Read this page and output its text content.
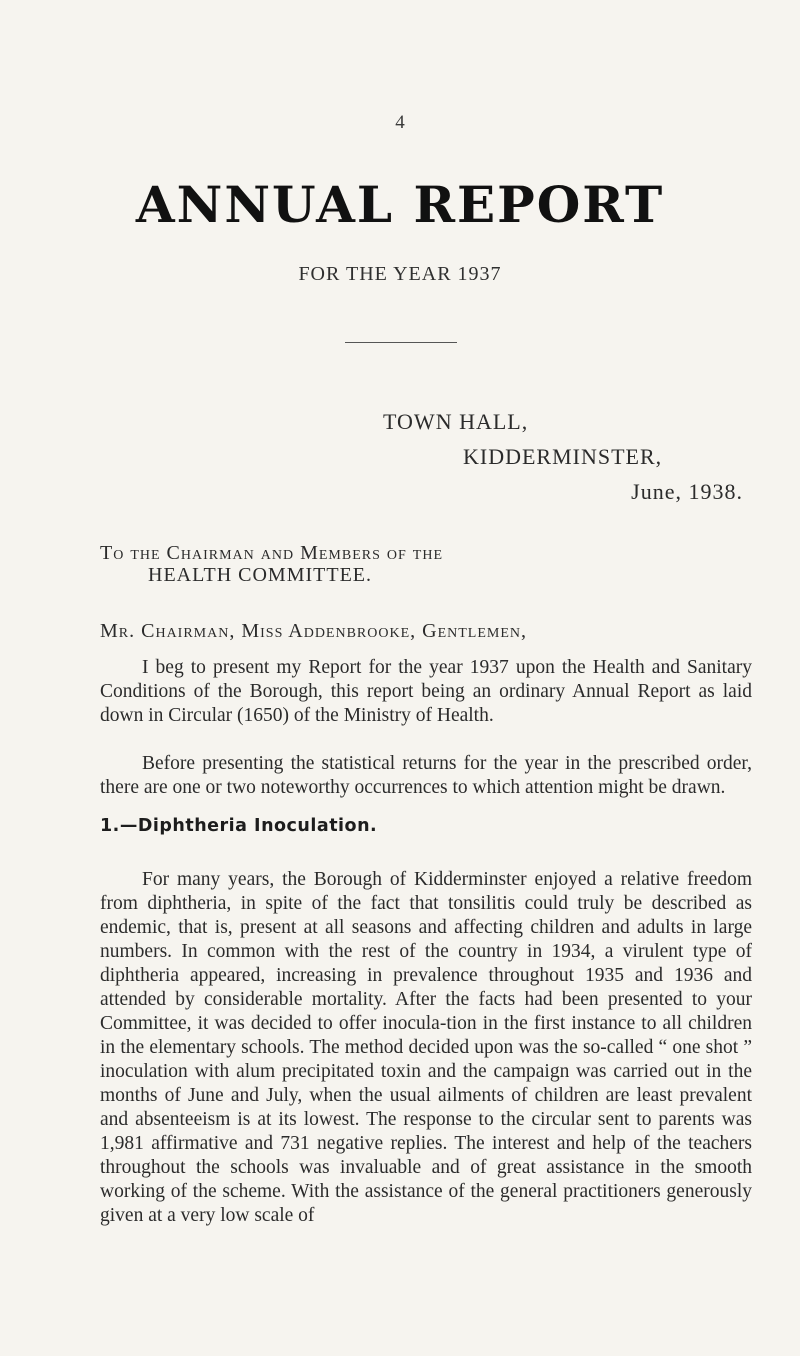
4
ANNUAL REPORT
FOR THE YEAR 1937
TOWN HALL,
KIDDERMINSTER,
June, 1938.
To the Chairman and Members of the
HEALTH COMMITTEE.
Mr. Chairman, Miss Addenbrooke, Gentlemen,

I beg to present my Report for the year 1937 upon the Health and Sanitary Conditions of the Borough, this report being an ordinary Annual Report as laid down in Circular (1650) of the Ministry of Health.

Before presenting the statistical returns for the year in the prescribed order, there are one or two noteworthy occurrences to which attention might be drawn.

1.—Diphtheria Inoculation.

For many years, the Borough of Kidderminster enjoyed a relative freedom from diphtheria, in spite of the fact that tonsilitis could truly be described as endemic, that is, present at all seasons and affecting children and adults in large numbers. In common with the rest of the country in 1934, a virulent type of diphtheria appeared, increasing in prevalence throughout 1935 and 1936 and attended by considerable mortality. After the facts had been presented to your Committee, it was decided to offer inocula-tion in the first instance to all children in the elementary schools. The method decided upon was the so-called “ one shot ” inoculation with alum precipitated toxin and the campaign was carried out in the months of June and July, when the usual ailments of children are least prevalent and absenteeism is at its lowest. The response to the circular sent to parents was 1,981 affirmative and 731 negative replies. The interest and help of the teachers throughout the schools was invaluable and of great assistance in the smooth working of the scheme. With the assistance of the general practitioners generously given at a very low scale of
